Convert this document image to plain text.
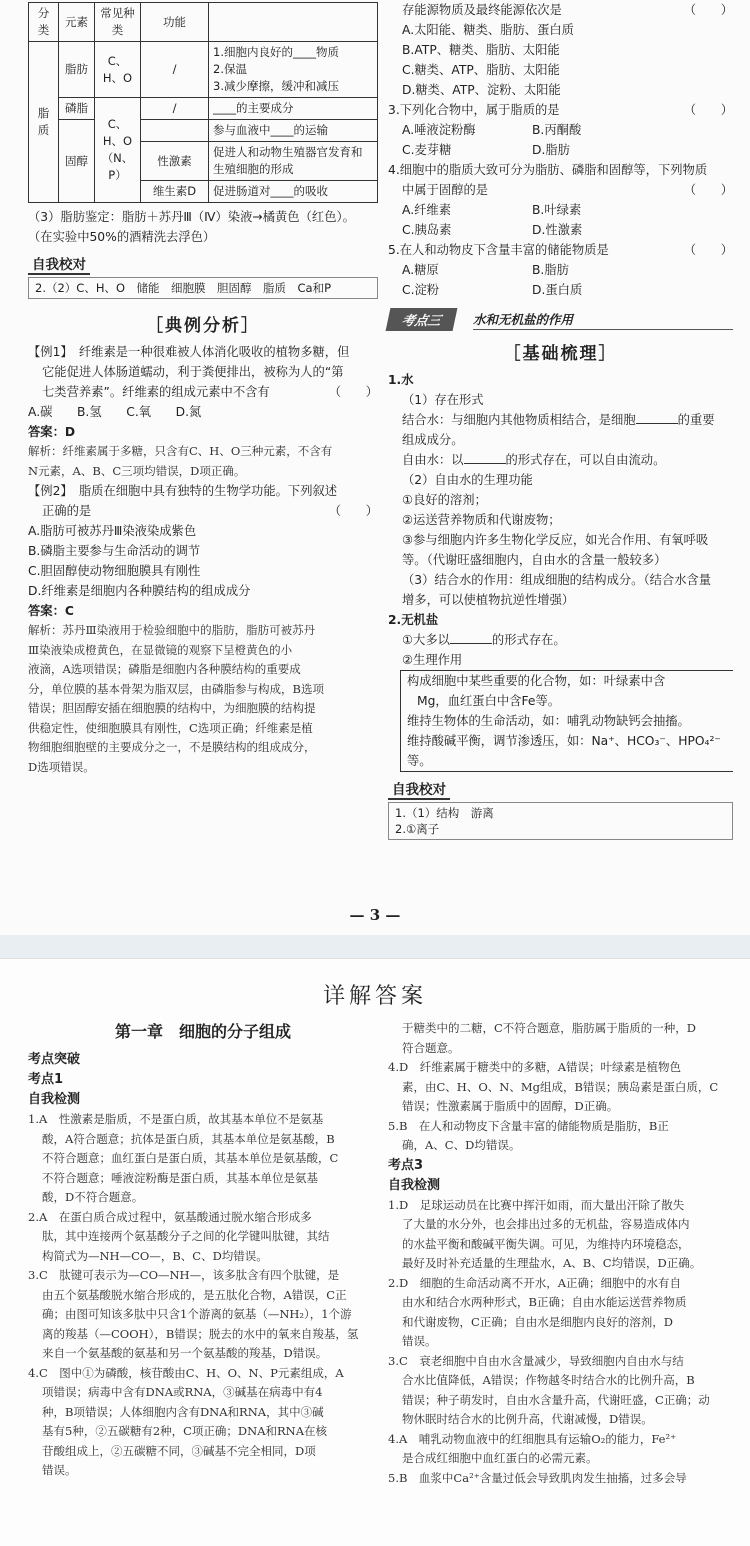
分类	元素	常见种类	功能	
脂质	脂肪	C、H、O	/	1.细胞内良好的____物质
2.保温
3.减少摩擦，缓冲和减压

	磷脂	C、H、O（N、P）	/	____的主要成分
	固醇			参与血液中____的运输
			性激素	促进人和动物生殖器官发育和生殖细胞的形成
			维生素D	促进肠道对____的吸收
（3）脂肪鉴定：脂肪＋苏丹Ⅲ（Ⅳ）染液→橘黄色（红色）。
（在实验中50%的酒精洗去浮色）
自我校对
2.（2）C、H、O　储能　细胞膜　胆固醇　脂质　Ca和P
［典例分析］
【例1】　纤维素是一种很难被人体消化吸收的植物多糖，但
它能促进人体肠道蠕动，利于粪便排出，被称为人的“第
七类营养素”。纤维素的组成元素中不含有	（　　）
A.碳　　B.氢　　C.氧　　D.氮
答案：D
解析：纤维素属于多糖，只含有C、H、O三种元素，不含有
N元素，A、B、C三项均错误，D项正确。
【例2】　脂质在细胞中具有独特的生物学功能。下列叙述
正确的是	（　　）
A.脂肪可被苏丹Ⅲ染液染成紫色
B.磷脂主要参与生命活动的调节
C.胆固醇使动物细胞膜具有刚性
D.纤维素是细胞内各种膜结构的组成成分
答案：C
解析：苏丹Ⅲ染液用于检验细胞中的脂肪，脂肪可被苏丹
Ⅲ染液染成橙黄色，在显微镜的观察下呈橙黄色的小
液滴，A选项错误；磷脂是细胞内各种膜结构的重要成
分，单位膜的基本骨架为脂双层，由磷脂参与构成，B选项
错误；胆固醇安插在细胞膜的结构中，为细胞膜的结构提
供稳定性，使细胞膜具有刚性，C选项正确；纤维素是植
物细胞细胞壁的主要成分之一，不是膜结构的组成成分，
D选项错误。
存能源物质及最终能源依次是	（　　）
A.太阳能、糖类、脂肪、蛋白质
B.ATP、糖类、脂肪、太阳能
C.糖类、ATP、脂肪、太阳能
D.糖类、ATP、淀粉、太阳能
3.下列化合物中，属于脂质的是	（　　）
A.唾液淀粉酶	B.丙酮酸
C.麦芽糖	D.脂肪
4.细胞中的脂质大致可分为脂肪、磷脂和固醇等，下列物质
中属于固醇的是	（　　）
A.纤维素	B.叶绿素
C.胰岛素	D.性激素
5.在人和动物皮下含量丰富的储能物质是	（　　）
A.糖原	B.脂肪
C.淀粉	D.蛋白质
考点三	水和无机盐的作用
［基础梳理］
1.水
（1）存在形式
结合水：与细胞内其他物质相结合，是细胞	的重要
组成成分。
自由水：以	的形式存在，可以自由流动。
（2）自由水的生理功能
①良好的溶剂；
②运送营养物质和代谢废物；
③参与细胞内许多生物化学反应，如光合作用、有氧呼吸
等。（代谢旺盛细胞内，自由水的含量一般较多）
（3）结合水的作用：组成细胞的结构成分。（结合水含量
增多，可以使植物抗逆性增强）
2.无机盐
①大多以	的形式存在。
②生理作用
构成细胞中某些重要的化合物，如：叶绿素中含
Mg，血红蛋白中含Fe等。
维持生物体的生命活动，如：哺乳动物缺钙会抽搐。
维持酸碱平衡，调节渗透压，如：Na⁺、HCO₃⁻、HPO₄²⁻等。
自我校对
1.（1）结构　游离
2.①离子
— 3 —
详解答案
第一章　细胞的分子组成
考点突破
考点1
自我检测
1.A　性激素是脂质，不是蛋白质，故其基本单位不是氨基
酸，A符合题意；抗体是蛋白质，其基本单位是氨基酸，B
不符合题意；血红蛋白是蛋白质，其基本单位是氨基酸，C
不符合题意；唾液淀粉酶是蛋白质，其基本单位是氨基
酸，D不符合题意。
2.A　在蛋白质合成过程中，氨基酸通过脱水缩合形成多
肽，其中连接两个氨基酸分子之间的化学键叫肽键，其结
构简式为—NH—CO—，B、C、D均错误。
3.C　肽键可表示为—CO—NH—，该多肽含有四个肽键，是
由五个氨基酸脱水缩合形成的，是五肽化合物，A错误，C正
确；由图可知该多肽中只含1个游离的氨基（—NH₂），1个游
离的羧基（—COOH），B错误；脱去的水中的氧来自羧基，氢
来自一个氨基酸的氨基和另一个氨基酸的羧基，D错误。
4.C　图中①为磷酸，核苷酸由C、H、O、N、P元素组成，A
项错误；病毒中含有DNA或RNA，③碱基在病毒中有4
种，B项错误；人体细胞内含有DNA和RNA，其中③碱
基有5种，②五碳糖有2种，C项正确；DNA和RNA在核
苷酸组成上，②五碳糖不同，③碱基不完全相同，D项
错误。
于糖类中的二糖，C不符合题意，脂肪属于脂质的一种，D
符合题意。
4.D　纤维素属于糖类中的多糖，A错误；叶绿素是植物色
素，由C、H、O、N、Mg组成，B错误；胰岛素是蛋白质，C
错误；性激素属于脂质中的固醇，D正确。
5.B　在人和动物皮下含量丰富的储能物质是脂肪，B正
确，A、C、D均错误。
考点3
自我检测
1.D　足球运动员在比赛中挥汗如雨，而大量出汗除了散失
了大量的水分外，也会排出过多的无机盐，容易造成体内
的水盐平衡和酸碱平衡失调。可见，为维持内环境稳态，
最好及时补充适量的生理盐水，A、B、C均错误，D正确。
2.D　细胞的生命活动离不开水，A正确；细胞中的水有自
由水和结合水两种形式，B正确；自由水能运送营养物质
和代谢废物，C正确；自由水是细胞内良好的溶剂，D
错误。
3.C　衰老细胞中自由水含量减少，导致细胞内自由水与结
合水比值降低，A错误；作物越冬时结合水的比例升高，B
错误；种子萌发时，自由水含量升高，代谢旺盛，C正确；动
物休眠时结合水的比例升高，代谢减慢，D错误。
4.A　哺乳动物血液中的红细胞具有运输O₂的能力，Fe²⁺
是合成红细胞中血红蛋白的必需元素。
5.B　血浆中Ca²⁺含量过低会导致肌肉发生抽搐，过多会导
